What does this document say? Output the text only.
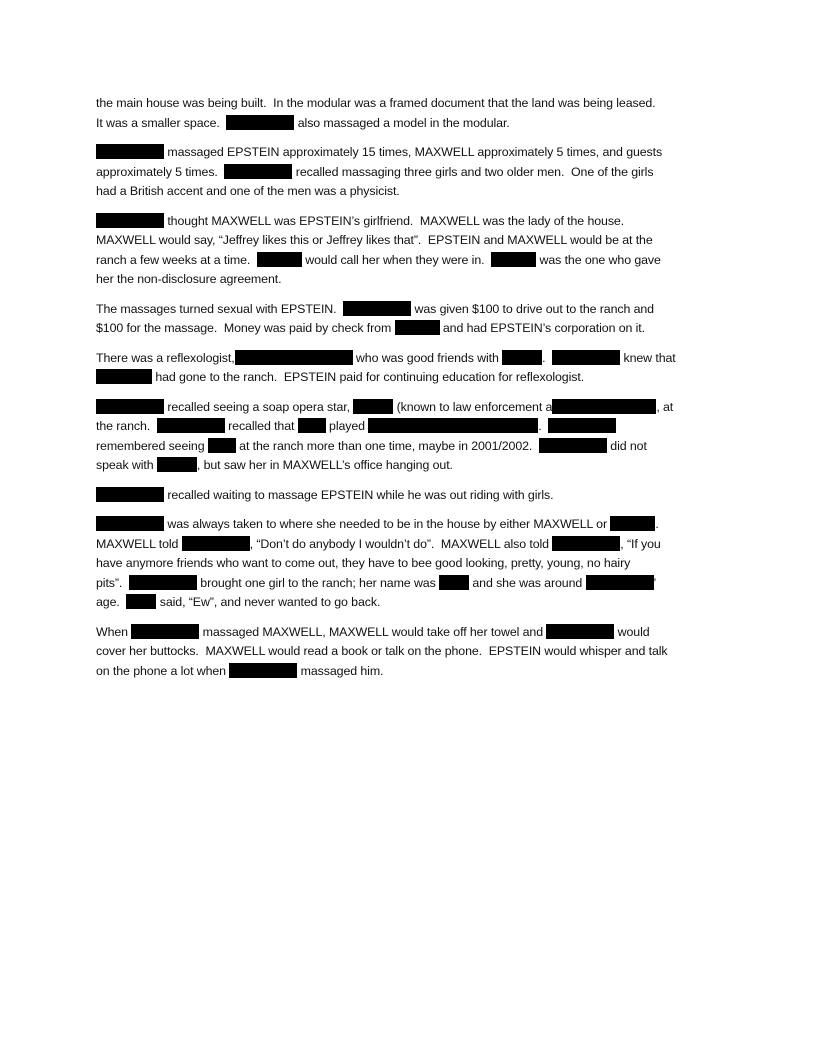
the main house was being built.  In the modular was a framed document that the land was being leased.
It was a smaller space.	also massaged a model in the modular.
massaged EPSTEIN approximately 15 times, MAXWELL approximately 5 times, and guests
approximately 5 times.	recalled massaging three girls and two older men.  One of the girls
had a British accent and one of the men was a physicist.
thought MAXWELL was EPSTEIN’s girlfriend.  MAXWELL was the lady of the house.
MAXWELL would say, “Jeffrey likes this or Jeffrey likes that”.  EPSTEIN and MAXWELL would be at the
ranch a few weeks at a time.	would call her when they were in.	was the one who gave
her the non-disclosure agreement.
The massages turned sexual with EPSTEIN.	was given $100 to drive out to the ranch and
$100 for the massage.  Money was paid by check from	and had EPSTEIN’s corporation on it.
There was a reflexologist,	who was good friends with	.	knew that
had gone to the ranch.  EPSTEIN paid for continuing education for reflexologist.
recalled seeing a soap opera star,	(known to law enforcement a	, at
the ranch.	recalled that  played	.
remembered seeing  at the ranch more than one time, maybe in 2001/2002.	did not
speak with	, but saw her in MAXWELL’s office hanging out.
recalled waiting to massage EPSTEIN while he was out riding with girls.
was always taken to where she needed to be in the house by either MAXWELL or	.
MAXWELL told	, “Don’t do anybody I wouldn’t do”.  MAXWELL also told	, “If you
have anymore friends who want to come out, they have to bee good looking, pretty, young, no hairy
pits”.	brought one girl to the ranch; her name was  and she was around	’
age.   said, “Ew”, and never wanted to go back.
When	massaged MAXWELL, MAXWELL would take off her towel and	would
cover her buttocks.  MAXWELL would read a book or talk on the phone.  EPSTEIN would whisper and talk
on the phone a lot when	massaged him.
